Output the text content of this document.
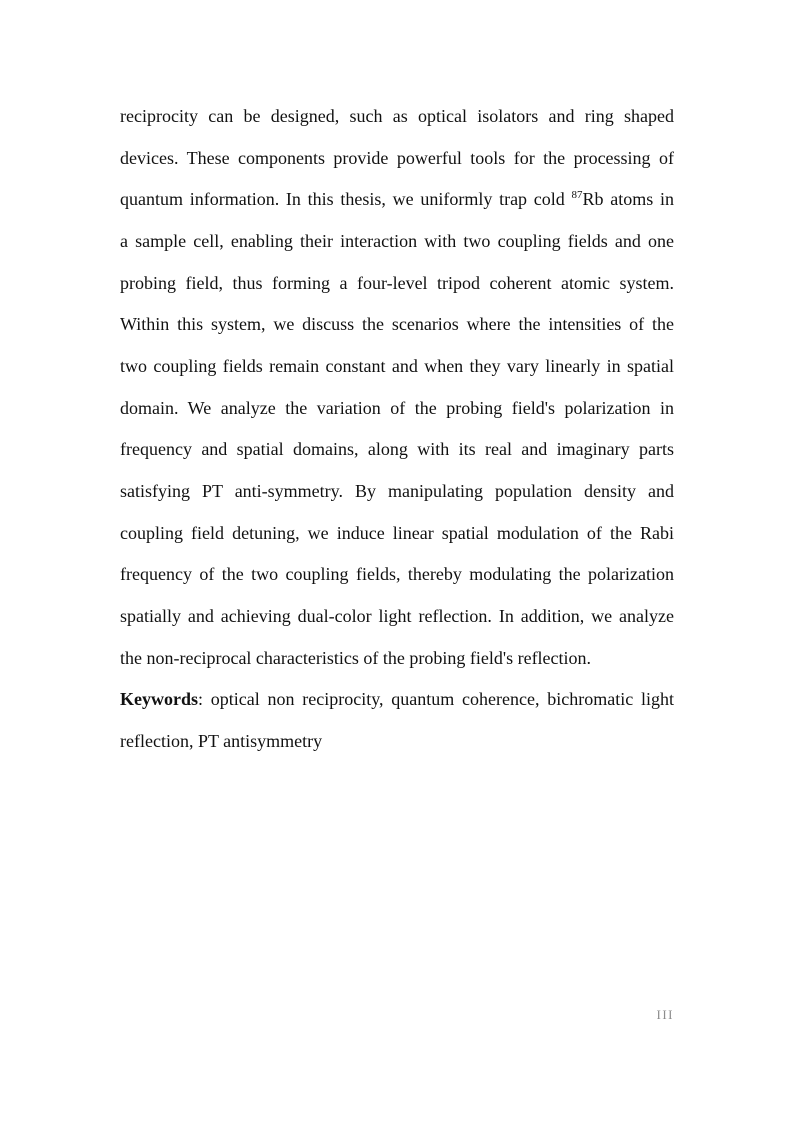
reciprocity can be designed, such as optical isolators and ring shaped
devices. These components provide powerful tools for the processing of
quantum information. In this thesis, we uniformly trap cold $^{87}$Rb atoms in
a sample cell, enabling their interaction with two coupling fields and one
probing field, thus forming a four-level tripod coherent atomic system.
Within this system, we discuss the scenarios where the intensities of the
two coupling fields remain constant and when they vary linearly in spatial
domain. We analyze the variation of the probing field's polarization in
frequency and spatial domains, along with its real and imaginary parts
satisfying PT anti-symmetry. By manipulating population density and
coupling field detuning, we induce linear spatial modulation of the Rabi
frequency of the two coupling fields, thereby modulating the polarization
spatially and achieving dual-color light reflection. In addition, we analyze
the non-reciprocal characteristics of the probing field's reflection.
Keywords: optical non reciprocity, quantum coherence, bichromatic light
reflection, PT antisymmetry
III
